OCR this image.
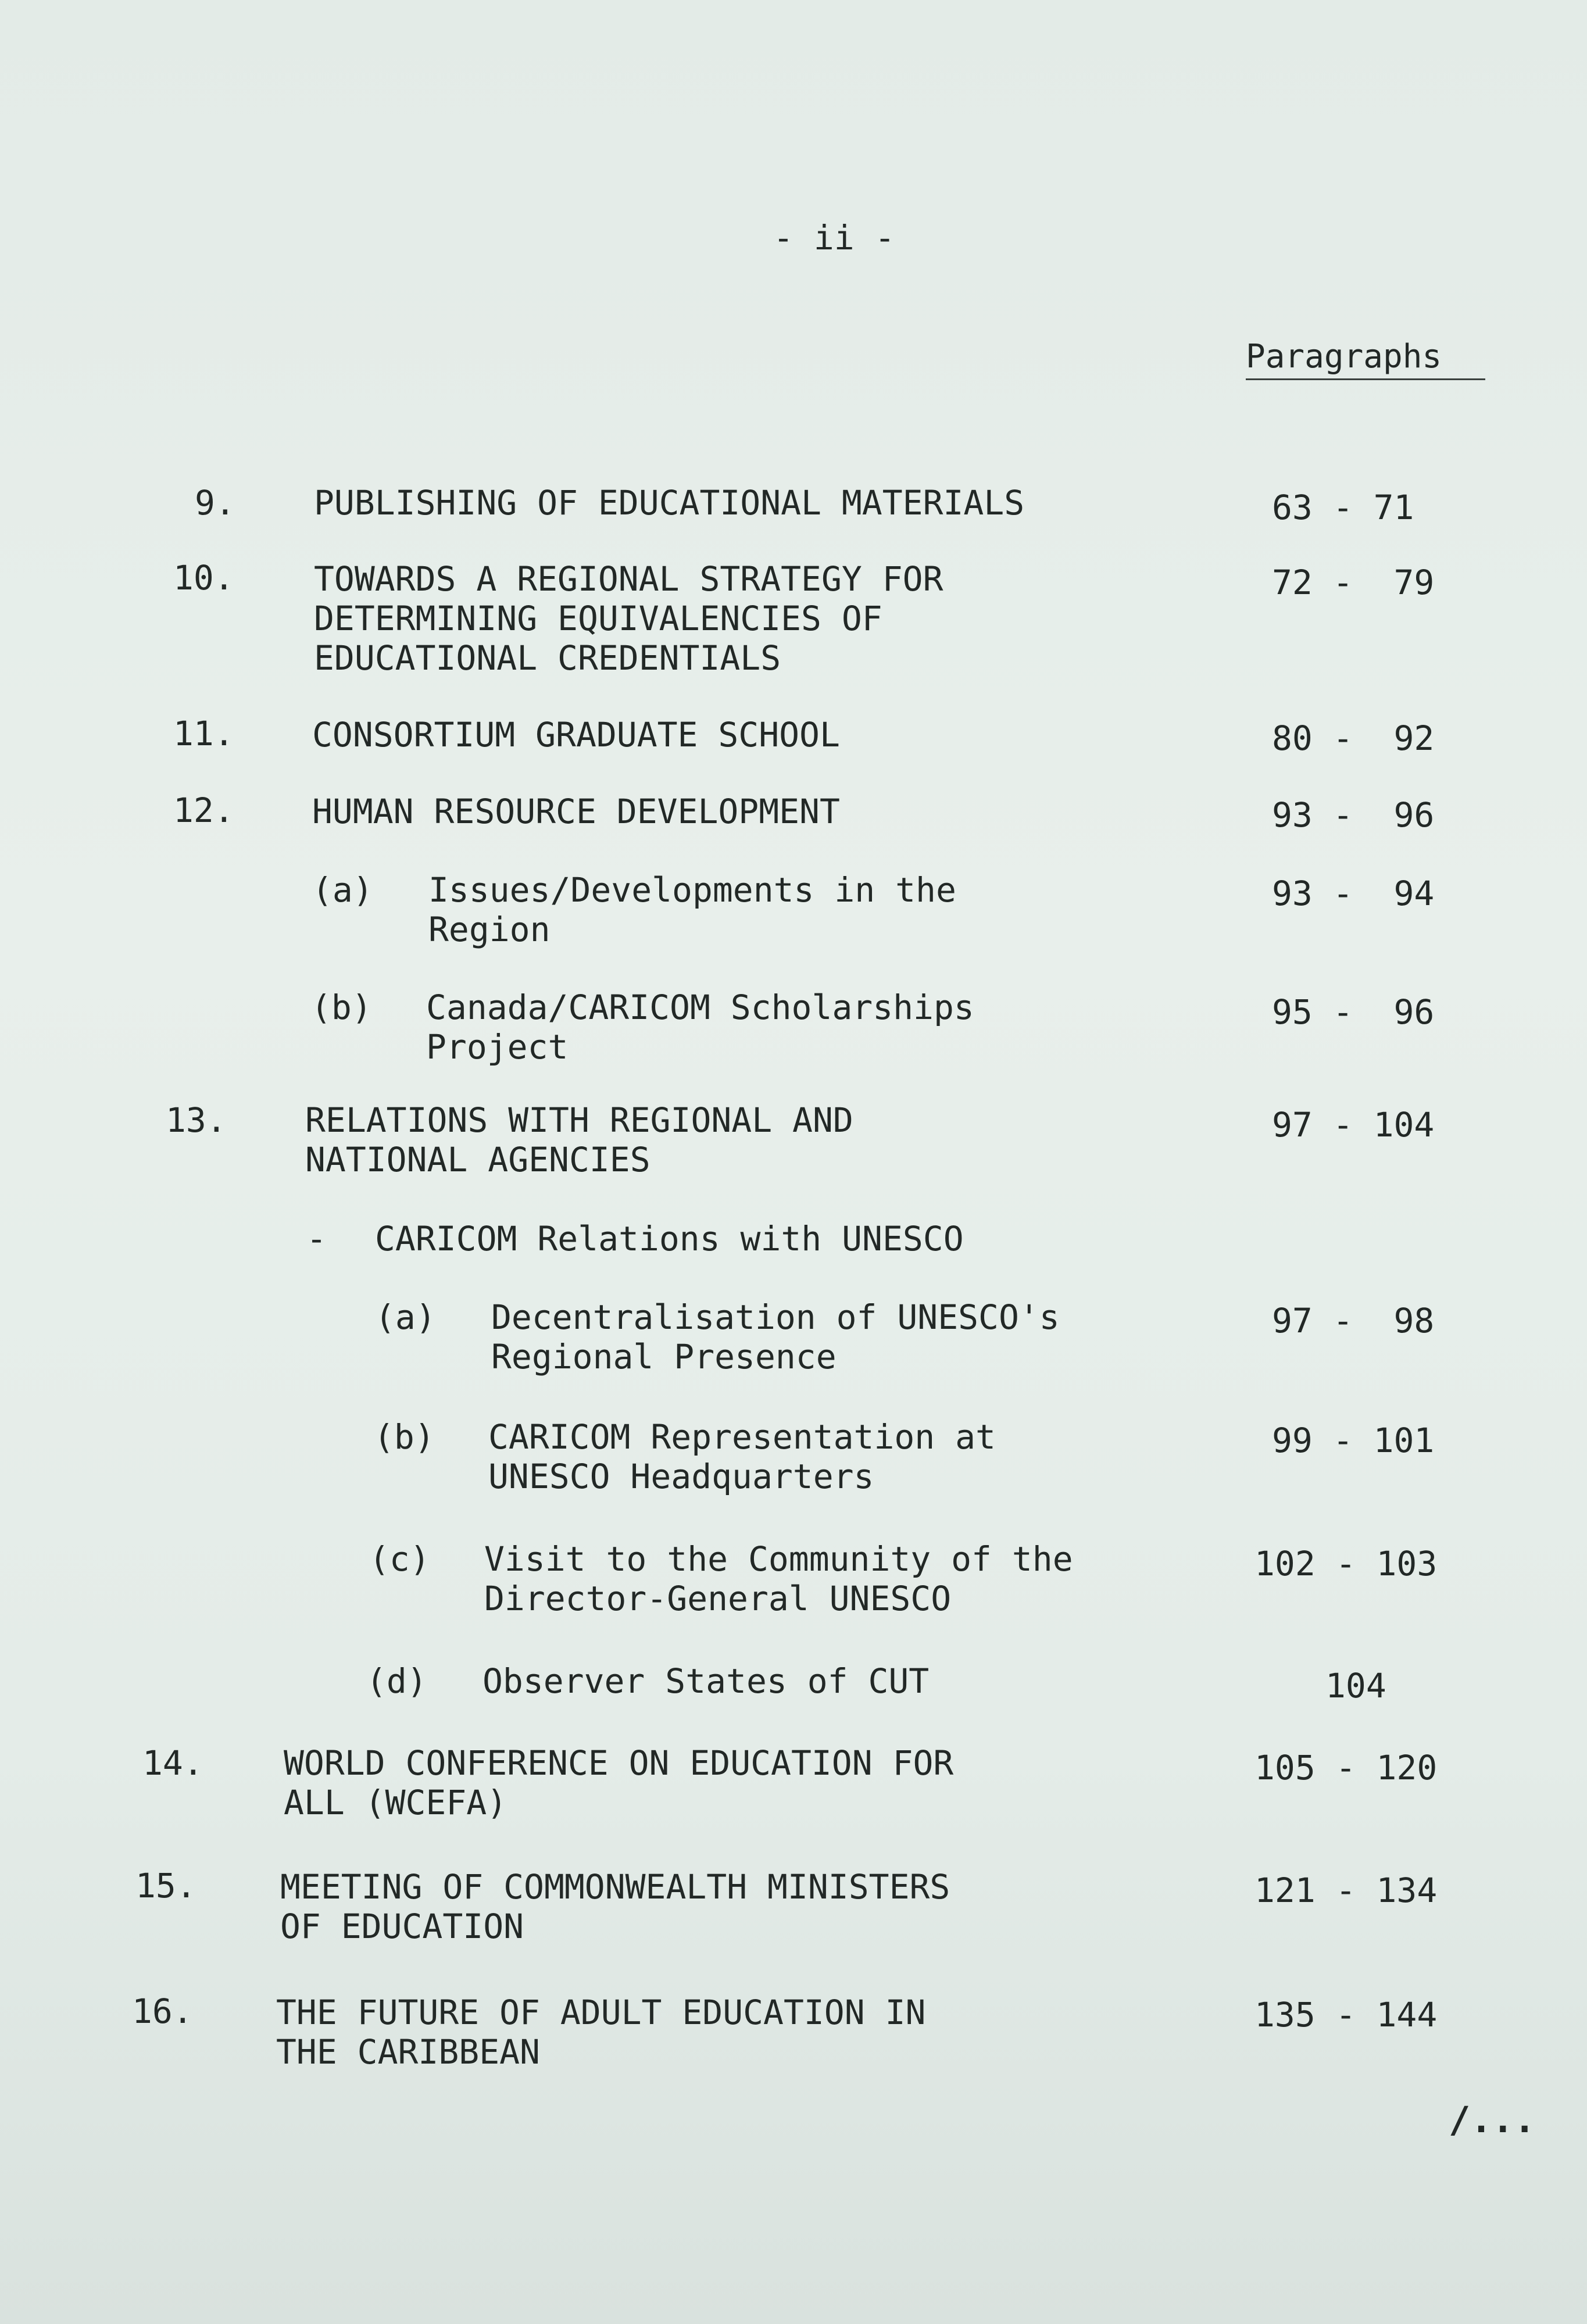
- ii -
Paragraphs
9. PUBLISHING OF EDUCATIONAL MATERIALS	63 - 71
10. TOWARDS A REGIONAL STRATEGY FOR
DETERMINING EQUIVALENCIES OF
EDUCATIONAL CREDENTIALS
72 -  79
11. CONSORTIUM GRADUATE SCHOOL	80 -  92
12. HUMAN RESOURCE DEVELOPMENT	93 -  96
(a) Issues/Developments in the
Region
93 -  94
(b) Canada/CARICOM Scholarships
Project
95 -  96
13. RELATIONS WITH REGIONAL AND
NATIONAL AGENCIES
97 - 104
- CARICOM Relations with UNESCO
(a) Decentralisation of UNESCO's
Regional Presence
97 -  98
(b) CARICOM Representation at
UNESCO Headquarters
99 - 101
(c) Visit to the Community of the
Director-General UNESCO
102 - 103
(d) Observer States of CUT	104
14. WORLD CONFERENCE ON EDUCATION FOR
ALL (WCEFA)
105 - 120
15. MEETING OF COMMONWEALTH MINISTERS
OF EDUCATION
121 - 134
16. THE FUTURE OF ADULT EDUCATION IN
THE CARIBBEAN
135 - 144
/...
